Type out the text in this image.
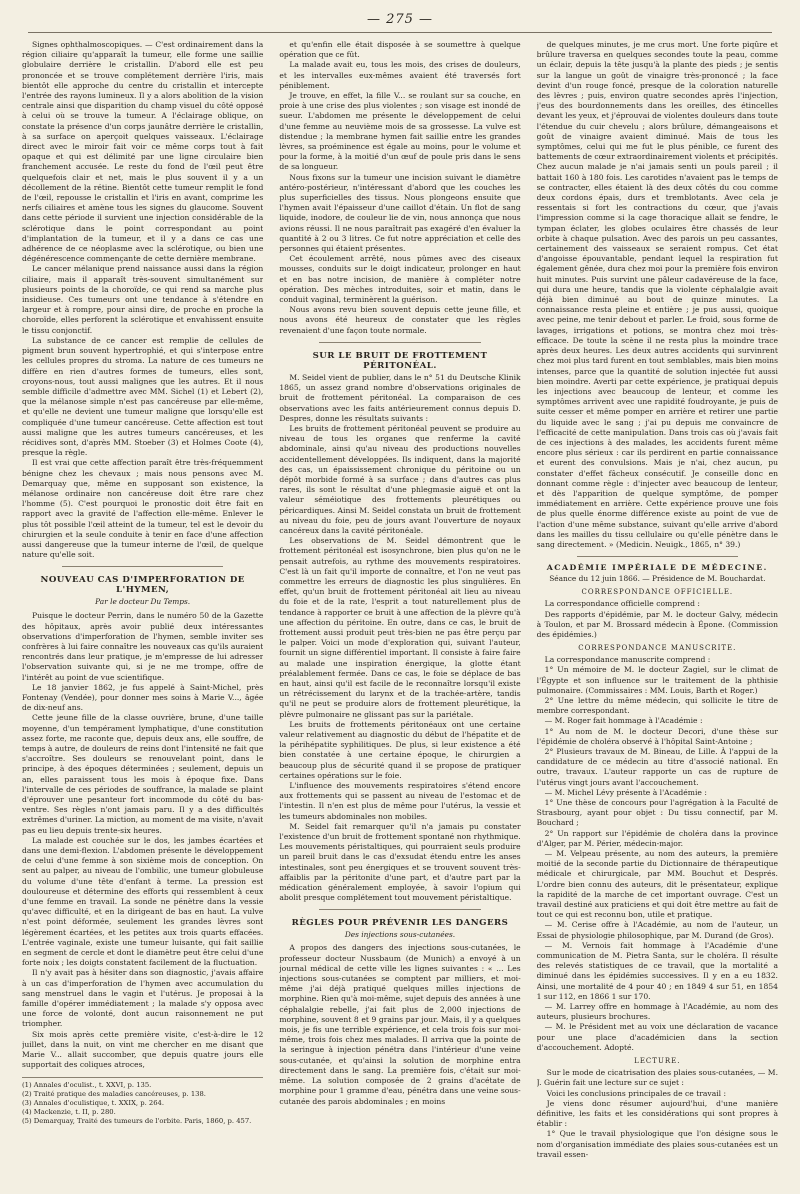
— 275 —

Signes ophthalmoscopiques. — C'est ordinairement dans la région ciliaire qu'apparaît la tumeur, elle forme une saillie globulaire derrière le cristallin. D'abord elle est peu prononcée et se trouve complétement derrière l'iris, mais bientôt elle approche du centre du cristallin et intercepte l'entrée des rayons lumineux. Il y a alors abolition de la vision centrale ainsi que disparition du champ visuel du côté opposé à celui où se trouve la tumeur. A l'éclairage oblique, on constate la présence d'un corps jaunâtre derrière le cristallin, à sa surface on aperçoit quelques vaisseaux. L'éclairage direct avec le miroir fait voir ce même corps tout à fait opaque et qui est délimité par une ligne circulaire bien franchement accusée. Le reste du fond de l'œil peut être quelquefois clair et net, mais le plus souvent il y a un décollement de la rétine. Bientôt cette tumeur remplit le fond de l'œil, repousse le cristallin et l'iris en avant, comprime les nerfs ciliaires et amène tous les signes du glaucome. Souvent dans cette période il survient une injection considérable de la sclérotique dans le point correspondant au point d'implantation de la tumeur, et il y a dans ce cas une adhérence de ce néoplasme avec la sclérotique, ou bien une dégénérescence commençante de cette dernière membrane.

Le cancer mélanique prend naissance aussi dans la région ciliaire, mais il apparaît très-souvent simultanément sur plusieurs points de la choroïde, ce qui rend sa marche plus insidieuse. Ces tumeurs ont une tendance à s'étendre en largeur et à rompre, pour ainsi dire, de proche en proche la choroïde, elles perforent la sclérotique et envahissent ensuite le tissu conjonctif.

La substance de ce cancer est remplie de cellules de pigment brun souvent hypertrophié, et qui s'interpose entre les cellules propres du stroma. La nature de ces tumeurs ne diffère en rien d'autres formes de tumeurs, elles sont, croyons-nous, tout aussi malignes que les autres. Et il nous semble difficile d'admettre avec MM. Sichel (1) et Lebert (2), que la mélanose simple n'est pas cancéreuse par elle-même, et qu'elle ne devient une tumeur maligne que lorsqu'elle est compliquée d'une tumeur cancéreuse. Cette affection est tout aussi maligne que les autres tumeurs cancéreuses, et les récidives sont, d'après MM. Stoeber (3) et Holmes Coote (4), presque la règle.

Il est vrai que cette affection paraît être très-fréquemment bénigne chez les chevaux ; mais nous pensons avec M. Demarquay que, même en supposant son existence, la mélanose ordinaire non cancéreuse doit être rare chez l'homme (5). C'est pourquoi le pronostic doit être fait en rapport avec la gravité de l'affection elle-même. Enlever le plus tôt possible l'œil atteint de la tumeur, tel est le devoir du chirurgien et la seule conduite à tenir en face d'une affection aussi dangereuse que la tumeur interne de l'œil, de quelque nature qu'elle soit.

NOUVEAU CAS D'IMPERFORATION DE L'HYMEN,
Par le docteur Du Temps.

Puisque le docteur Perrin, dans le numéro 50 de la Gazette des hôpitaux, après avoir publié deux intéressantes observations d'imperforation de l'hymen, semble inviter ses confrères à lui faire connaître les nouveaux cas qu'ils auraient rencontrés dans leur pratique, je m'empresse de lui adresser l'observation suivante qui, si je ne me trompe, offre de l'intérêt au point de vue scientifique.

Le 18 janvier 1862, je fus appelé à Saint-Michel, près Fontenay (Vendée), pour donner mes soins à Marie V..., âgée de dix-neuf ans.

Cette jeune fille de la classe ouvrière, brune, d'une taille moyenne, d'un tempérament lymphatique, d'une constitution assez forte, me raconte que, depuis deux ans, elle souffre, de temps à autre, de douleurs de reins dont l'intensité ne fait que s'accroître. Ses douleurs se renouvelant point, dans le principe, à des époques déterminées ; seulement, depuis un an, elles paraissent tous les mois à époque fixe. Dans l'intervalle de ces périodes de souffrance, la malade se plaint d'éprouver une pesanteur fort incommode du côté du bas-ventre. Ses règles n'ont jamais paru. Il y a des difficultés extrêmes d'uriner. La miction, au moment de ma visite, n'avait pas eu lieu depuis trente-six heures.

La malade est couchée sur le dos, les jambes écartées et dans une demi-flexion. L'abdomen présente le développement de celui d'une femme à son sixième mois de conception. On sent au palper, au niveau de l'ombilic, une tumeur globuleuse du volume d'une tête d'enfant à terme. La pression est douloureuse et détermine des efforts qui ressemblent à ceux d'une femme en travail. La sonde ne pénètre dans la vessie qu'avec difficulté, et en la dirigeant de bas en haut. La vulve n'est point déformée, seulement les grandes lèvres sont légèrement écartées, et les petites aux trois quarts effacées. L'entrée vaginale, existe une tumeur luisante, qui fait saillie en segment de cercle et dont le diamètre peut être celui d'une forte noix ; les doigts constatent facilement de la fluctuation.

Il n'y avait pas à hésiter dans son diagnostic, j'avais affaire à un cas d'imperforation de l'hymen avec accumulation du sang menstruel dans le vagin et l'utérus. Je proposai à la famille d'opérer immédiatement ; la malade s'y opposa avec une force de volonté, dont aucun raisonnement ne put triompher.

Six mois après cette première visite, c'est-à-dire le 12 juillet, dans la nuit, on vint me chercher en me disant que Marie V... allait succomber, que depuis quatre jours elle supportait des coliques atroces,

(1) Annales d'oculist., t. XXVI, p. 135.

(2) Traité pratique des maladies cancéreuses, p. 138.

(3) Annales d'oculistique, t. XXIX, p. 264.

(4) Mackenzie, t. II, p. 280.

(5) Demarquay, Traité des tumeurs de l'orbite. Paris, 1860, p. 457.

et qu'enfin elle était disposée à se soumettre à quelque opération que ce fût.

La malade avait eu, tous les mois, des crises de douleurs, et les intervalles eux-mêmes avaient été traversés fort péniblement.

Je trouve, en effet, la fille V... se roulant sur sa couche, en proie à une crise des plus violentes ; son visage est inondé de sueur. L'abdomen me présente le développement de celui d'une femme au neuvième mois de sa grossesse. La vulve est distendue ; la membrane hymen fait saillie entre les grandes lèvres, sa proéminence est égale au moins, pour le volume et pour la forme, à la moitié d'un œuf de poule pris dans le sens de sa longueur.

Nous fixons sur la tumeur une incision suivant le diamètre antéro-postérieur, n'intéressant d'abord que les couches les plus superficielles des tissus. Nous plongeons ensuite que l'hymen avait l'épaisseur d'une caillot d'étain. Un flot de sang liquide, inodore, de couleur lie de vin, nous annonça que nous avions réussi. Il ne nous paraîtrait pas exagéré d'en évaluer la quantité à 2 ou 3 litres. Ce fut notre appréciation et celle des personnes qui étaient présentes.

Cet écoulement arrêté, nous pûmes avec des ciseaux mousses, conduits sur le doigt indicateur, prolonger en haut et en bas notre incision, de manière à compléter notre opération. Des mèches introduites, soir et matin, dans le conduit vaginal, terminèrent la guérison.

Nous avons revu bien souvent depuis cette jeune fille, et nous avons été heureux de constater que les règles revenaient d'une façon toute normale.

SUR LE BRUIT DE FROTTEMENT PÉRITONÉAL.

M. Seidel vient de publier, dans le n° 51 du Deutsche Klinik 1865, un assez grand nombre d'observations originales de bruit de frottement péritonéal. La comparaison de ces observations avec les faits antérieurement connus depuis D. Despres, donne les résultats suivants :

Les bruits de frottement péritonéal peuvent se produire au niveau de tous les organes que renferme la cavité abdominale, ainsi qu'au niveau des productions nouvelles accidentellement développées. Ils indiquent, dans la majorité des cas, un épaississement chronique du péritoine ou un dépôt morbide formé à sa surface ; dans d'autres cas plus rares, ils sont le résultat d'une phlegmasie aiguë et ont la valeur séméiotique des frottements pleurétiques ou péricardiques. Ainsi M. Seidel constata un bruit de frottement au niveau du foie, peu de jours avant l'ouverture de noyaux cancéreux dans la cavité péritonéale.

Les observations de M. Seidel démontrent que le frottement péritonéal est isosynchrone, bien plus qu'on ne le pensait autrefois, au rythme des mouvements respiratoires. C'est là un fait qu'il importe de connaître, et l'on ne veut pas commettre les erreurs de diagnostic les plus singulières. En effet, qu'un bruit de frottement péritonéal ait lieu au niveau du foie et de la rate, l'esprit a tout naturellement plus de tendance à rapporter ce bruit à une affection de la plèvre qu'à une affection du péritoine. En outre, dans ce cas, le bruit de frottement aussi produit peut très-bien ne pas être perçu par le palper. Voici un mode d'exploration qui, suivant l'auteur, fournit un signe différentiel important. Il consiste à faire faire au malade une inspiration énergique, la glotte étant préalablement fermée. Dans ce cas, le foie se déplace de bas en haut, ainsi qu'il est facile de le reconnaître lorsqu'il existe un rétrécissement du larynx et de la trachée-artère, tandis qu'il ne peut se produire alors de frottement pleurétique, la plèvre pulmonaire ne glissant pas sur la pariétale.

Les bruits de frottements péritonéaux ont une certaine valeur relativement au diagnostic du début de l'hépatite et de la périhépatite syphilitiques. De plus, si leur existence a été bien constatée à une certaine époque, le chirurgien a beaucoup plus de sécurité quand il se propose de pratiquer certaines opérations sur le foie.

L'influence des mouvements respiratoires s'étend encore aux frottements qui se passent au niveau de l'estomac et de l'intestin. Il n'en est plus de même pour l'utérus, la vessie et les tumeurs abdominales non mobiles.

M. Seidel fait remarquer qu'il n'a jamais pu constater l'existence d'un bruit de frottement spontané non rhythmique. Les mouvements péristaltiques, qui pourraient seuls produire un pareil bruit dans le cas d'exsudat étendu entre les anses intestinales, sont peu énergiques et se trouvent souvent très-affaiblis par la péritonite d'une part, et d'autre part par la médication généralement employée, à savoir l'opium qui abolit presque complétement tout mouvement péristaltique.

RÈGLES POUR PRÉVENIR LES DANGERS
Des injections sous-cutanées.

A propos des dangers des injections sous-cutanées, le professeur docteur Nussbaum (de Munich) a envoyé à un journal médical de cette ville les lignes suivantes : « ... Les injections sous-cutanées se comptent par milliers, et moi-même j'ai déjà pratiqué quelques milles injections de morphine. Rien qu'à moi-même, sujet depuis des années à une céphalalgie rebelle, j'ai fait plus de 2,000 injections de morphine, souvent 8 et 9 grains par jour. Mais, il y a quelques mois, je fis une terrible expérience, et cela trois fois sur moi-même, trois fois chez mes malades. Il arriva que la pointe de la seringue à injection pénétra dans l'intérieur d'une veine sous-cutanée, et qu'ainsi la solution de morphine entra directement dans le sang. La première fois, c'était sur moi-même. La solution composée de 2 grains d'acétate de morphine pour 1 gramme d'eau, pénétra dans une veine sous-cutanée des parois abdominales ; en moins

de quelques minutes, je me crus mort. Une forte piqûre et brûlure traversa en quelques secondes toute la peau, comme un éclair, depuis la tête jusqu'à la plante des pieds ; je sentis sur la langue un goût de vinaigre très-prononcé ; la face devint d'un rouge foncé, presque de la coloration naturelle des lèvres ; puis, environ quatre secondes après l'injection, j'eus des bourdonnements dans les oreilles, des étincelles devant les yeux, et j'éprouvai de violentes douleurs dans toute l'étendue du cuir chevelu ; alors brûlure, démangeaisons et goût de vinaigre avaient diminué. Mais de tous les symptômes, celui qui me fut le plus pénible, ce furent des battements de cœur extraordinairement violents et précipités. Chez aucun malade je n'ai jamais senti un pouls pareil ; il battait 160 à 180 fois. Les carotides n'avaient pas le temps de se contracter, elles étaient là des deux côtés du cou comme deux cordons épais, durs et tremblotants. Avec cela je ressentais si fort les contractions du cœur, que j'avais l'impression comme si la cage thoracique allait se fendre, le tympan éclater, les globes oculaires être chassés de leur orbite à chaque pulsation. Avec des parois un peu cassantes, certainement des vaisseaux se seraient rompus. Cet état d'angoisse épouvantable, pendant lequel la respiration fut également gênée, dura chez moi pour la première fois environ huit minutes. Puis survint une pâleur cadavéreuse de la face, qui dura une heure, tandis que la violente céphalalgie avait déjà bien diminué au bout de quinze minutes. La connaissance resta pleine et entière ; je pus aussi, quoique avec peine, me tenir debout et parler. Le froid, sous forme de lavages, irrigations et potions, se montra chez moi très-efficace. De toute la scène il ne resta plus la moindre trace après deux heures. Les deux autres accidents qui survinrent chez moi plus tard furent en tout semblables, mais bien moins intenses, parce que la quantité de solution injectée fut aussi bien moindre. Averti par cette expérience, je pratiquai depuis les injections avec beaucoup de lenteur, et comme les symptômes arrivent avec une rapidité foudroyante, je puis de suite cesser et même pomper en arrière et retirer une partie du liquide avec le sang ; j'ai pu depuis me convaincre de l'efficacité de cette manipulation. Dans trois cas où j'avais fait de ces injections à des malades, les accidents furent même encore plus sérieux : car ils perdirent en partie connaissance et eurent des convulsions. Mais je n'ai, chez aucun, pu constater d'effet fâcheux consécutif. Je conseille donc en donnant comme règle : d'injecter avec beaucoup de lenteur, et dès l'apparition de quelque symptôme, de pomper immédiatement en arrière. Cette expérience prouve une fois de plus quelle énorme différence existe au point de vue de l'action d'une même substance, suivant qu'elle arrive d'abord dans les mailles du tissu cellulaire ou qu'elle pénètre dans le sang directement. » (Medicin. Neuigk., 1865, n° 39.)

ACADÉMIE IMPÉRIALE DE MÉDECINE.

Séance du 12 juin 1866. — Présidence de M. Bouchardat.

CORRESPONDANCE OFFICIELLE.

La correspondance officielle comprend :

Des rapports d'épidémie, par M. le docteur Galvy, médecin à Toulon, et par M. Brossard médecin à Épone. (Commission des épidémies.)

CORRESPONDANCE MANUSCRITE.

La correspondance manuscrite comprend :

1° Un mémoire de M. le docteur Zagiel, sur le climat de l'Égypte et son influence sur le traitement de la phthisie pulmonaire. (Commissaires : MM. Louis, Barth et Roger.)

2° Une lettre du même médecin, qui sollicite le titre de membre correspondant.

— M. Roger fait hommage à l'Académie :

1° Au nom de M. le docteur Decori, d'une thèse sur l'épidémie de choléra observé à l'hôpital Saint-Antoine ;

2° Plusieurs travaux de M. Bineau, de Lille. À l'appui de la candidature de ce médecin au titre d'associé national. En outre, travaux. L'auteur rapporte un cas de rupture de l'utérus vingt jours avant l'accouchement.

— M. Michel Lévy présente à l'Académie :

1° Une thèse de concours pour l'agrégation à la Faculté de Strasbourg, ayant pour objet : Du tissu connectif, par M. Bouchard ;

2° Un rapport sur l'épidémie de choléra dans la province d'Alger, par M. Périer, médecin-major.

— M. Velpeau présente, au nom des auteurs, la première moitié de la seconde partie du Dictionnaire de thérapeutique médicale et chirurgicale, par MM. Bouchut et Després. L'ordre bien connu des auteurs, dit le présentateur, explique la rapidité de la marche de cet important ouvrage. C'est un travail destiné aux praticiens et qui doit être mettre au fait de tout ce qui est reconnu bon, utile et pratique.

— M. Cerise offre à l'Académie, au nom de l'auteur, un Essai de physiologie philosophique, par M. Durand (de Gros).

— M. Vernois fait hommage à l'Académie d'une communication de M. Pietra Santa, sur le choléra. Il résulte des relevés statistiques de ce travail, que la mortalité a diminué dans les épidémies successives. Il y en a eu 1832. Ainsi, une mortalité de 4 pour 40 ; en 1849 4 sur 51, en 1854 1 sur 112, en 1866 1 sur 170.

— M. Larrey offre en hommage à l'Académie, au nom des auteurs, plusieurs brochures.

— M. le Président met au voix une déclaration de vacance pour une place d'académicien dans la section d'accouchement. Adopté.

LECTURE.

Sur le mode de cicatrisation des plaies sous-cutanées, — M. J. Guérin fait une lecture sur ce sujet :

Voici les conclusions principales de ce travail :

Je viens donc résumer aujourd'hui, d'une manière définitive, les faits et les considérations qui sont propres à établir :

1° Que le travail physiologique que l'on désigne sous le nom d'organisation immédiate des plaies sous-cutanées est un travail essen-
